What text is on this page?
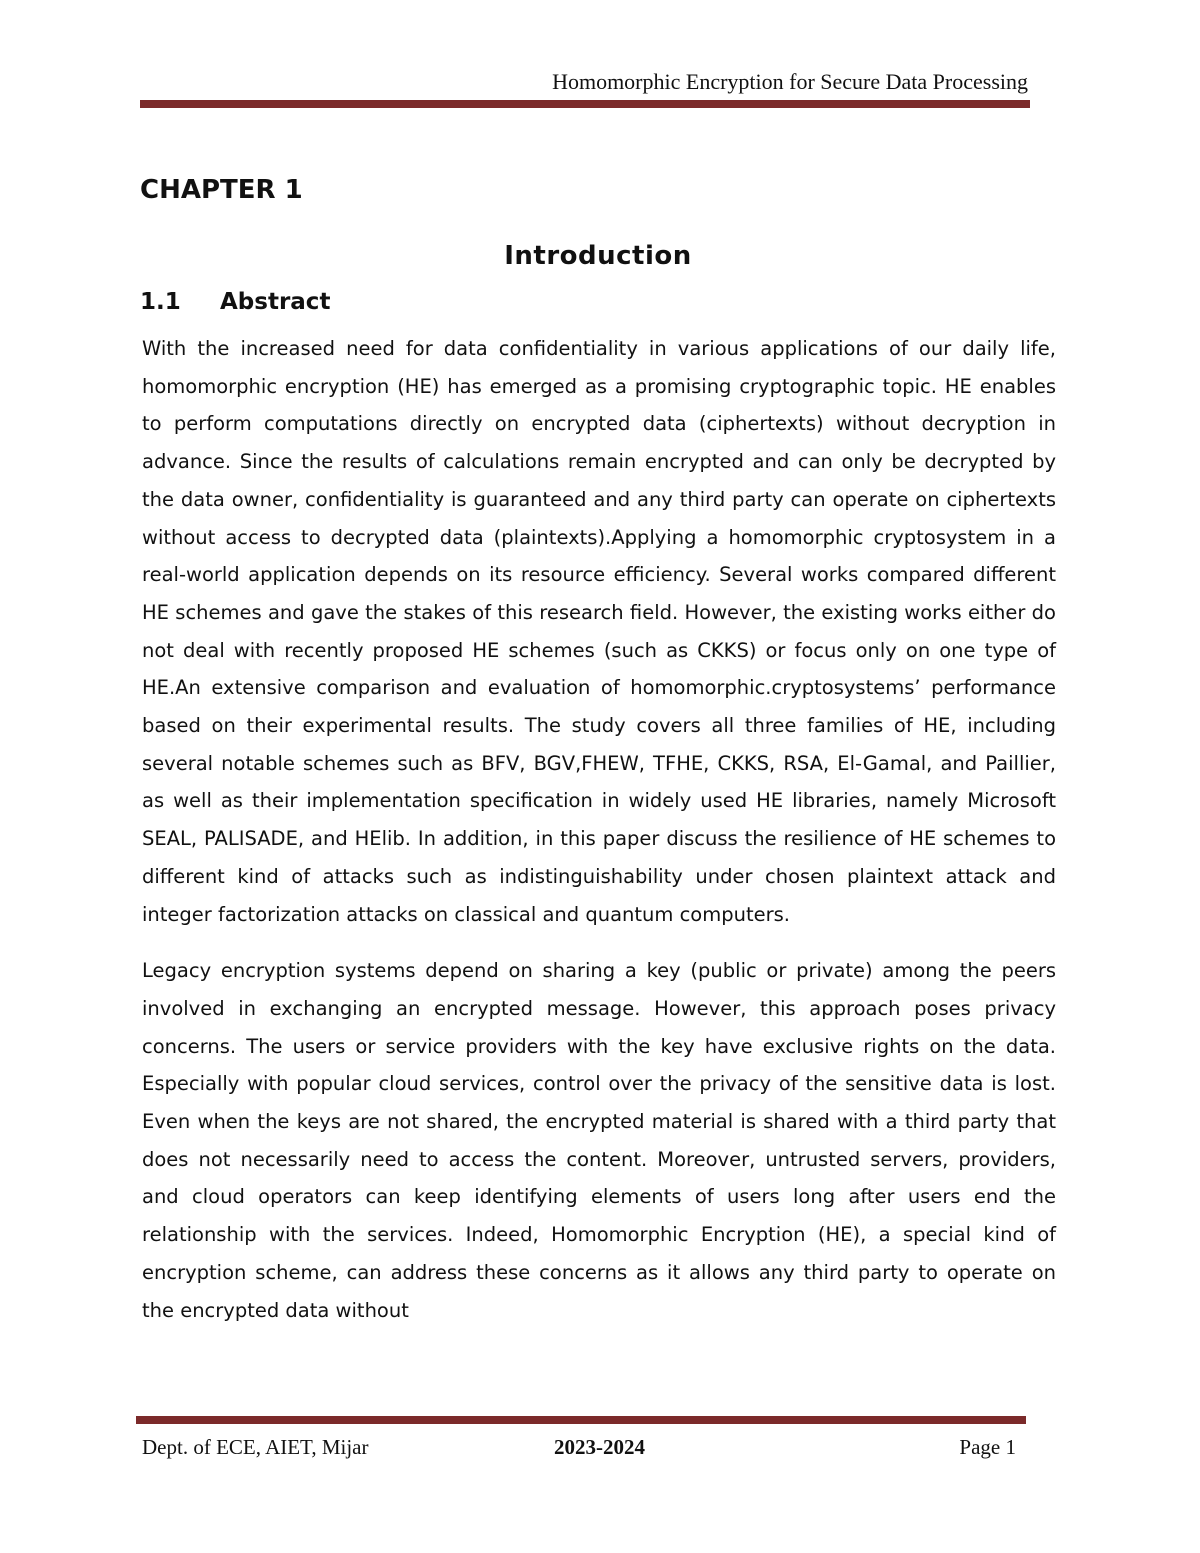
Homomorphic Encryption for Secure Data Processing
CHAPTER 1
Introduction
1.1 Abstract

With the increased need for data confidentiality in various applications of our daily life, homomorphic encryption (HE) has emerged as a promising cryptographic topic. HE enables to perform computations directly on encrypted data (ciphertexts) without decryption in advance. Since the results of calculations remain encrypted and can only be decrypted by the data owner, confidentiality is guaranteed and any third party can operate on ciphertexts without access to decrypted data (plaintexts).Applying a homomorphic cryptosystem in a real-world application depends on its resource efficiency. Several works compared different HE schemes and gave the stakes of this research field. However, the existing works either do not deal with recently proposed HE schemes (such as CKKS) or focus only on one type of HE.An extensive comparison and evaluation of homomorphic.cryptosystems’ performance based on their experimental results. The study covers all three families of HE, including several notable schemes such as BFV, BGV,FHEW, TFHE, CKKS, RSA, El-Gamal, and Paillier, as well as their implementation specification in widely used HE libraries, namely Microsoft SEAL, PALISADE, and HElib. In addition, in this paper discuss the resilience of HE schemes to different kind of attacks such as indistinguishability under chosen plaintext attack and integer factorization attacks on classical and quantum computers.

Legacy encryption systems depend on sharing a key (public or private) among the peers involved in exchanging an encrypted message. However, this approach poses privacy concerns. The users or service providers with the key have exclusive rights on the data. Especially with popular cloud services, control over the privacy of the sensitive data is lost. Even when the keys are not shared, the encrypted material is shared with a third party that does not necessarily need to access the content. Moreover, untrusted servers, providers, and cloud operators can keep identifying elements of users long after users end the relationship with the services. Indeed, Homomorphic Encryption (HE), a special kind of encryption scheme, can address these concerns as it allows any third party to operate on the encrypted data without

Dept. of ECE, AIET, Mijar	2023-2024	Page 1
